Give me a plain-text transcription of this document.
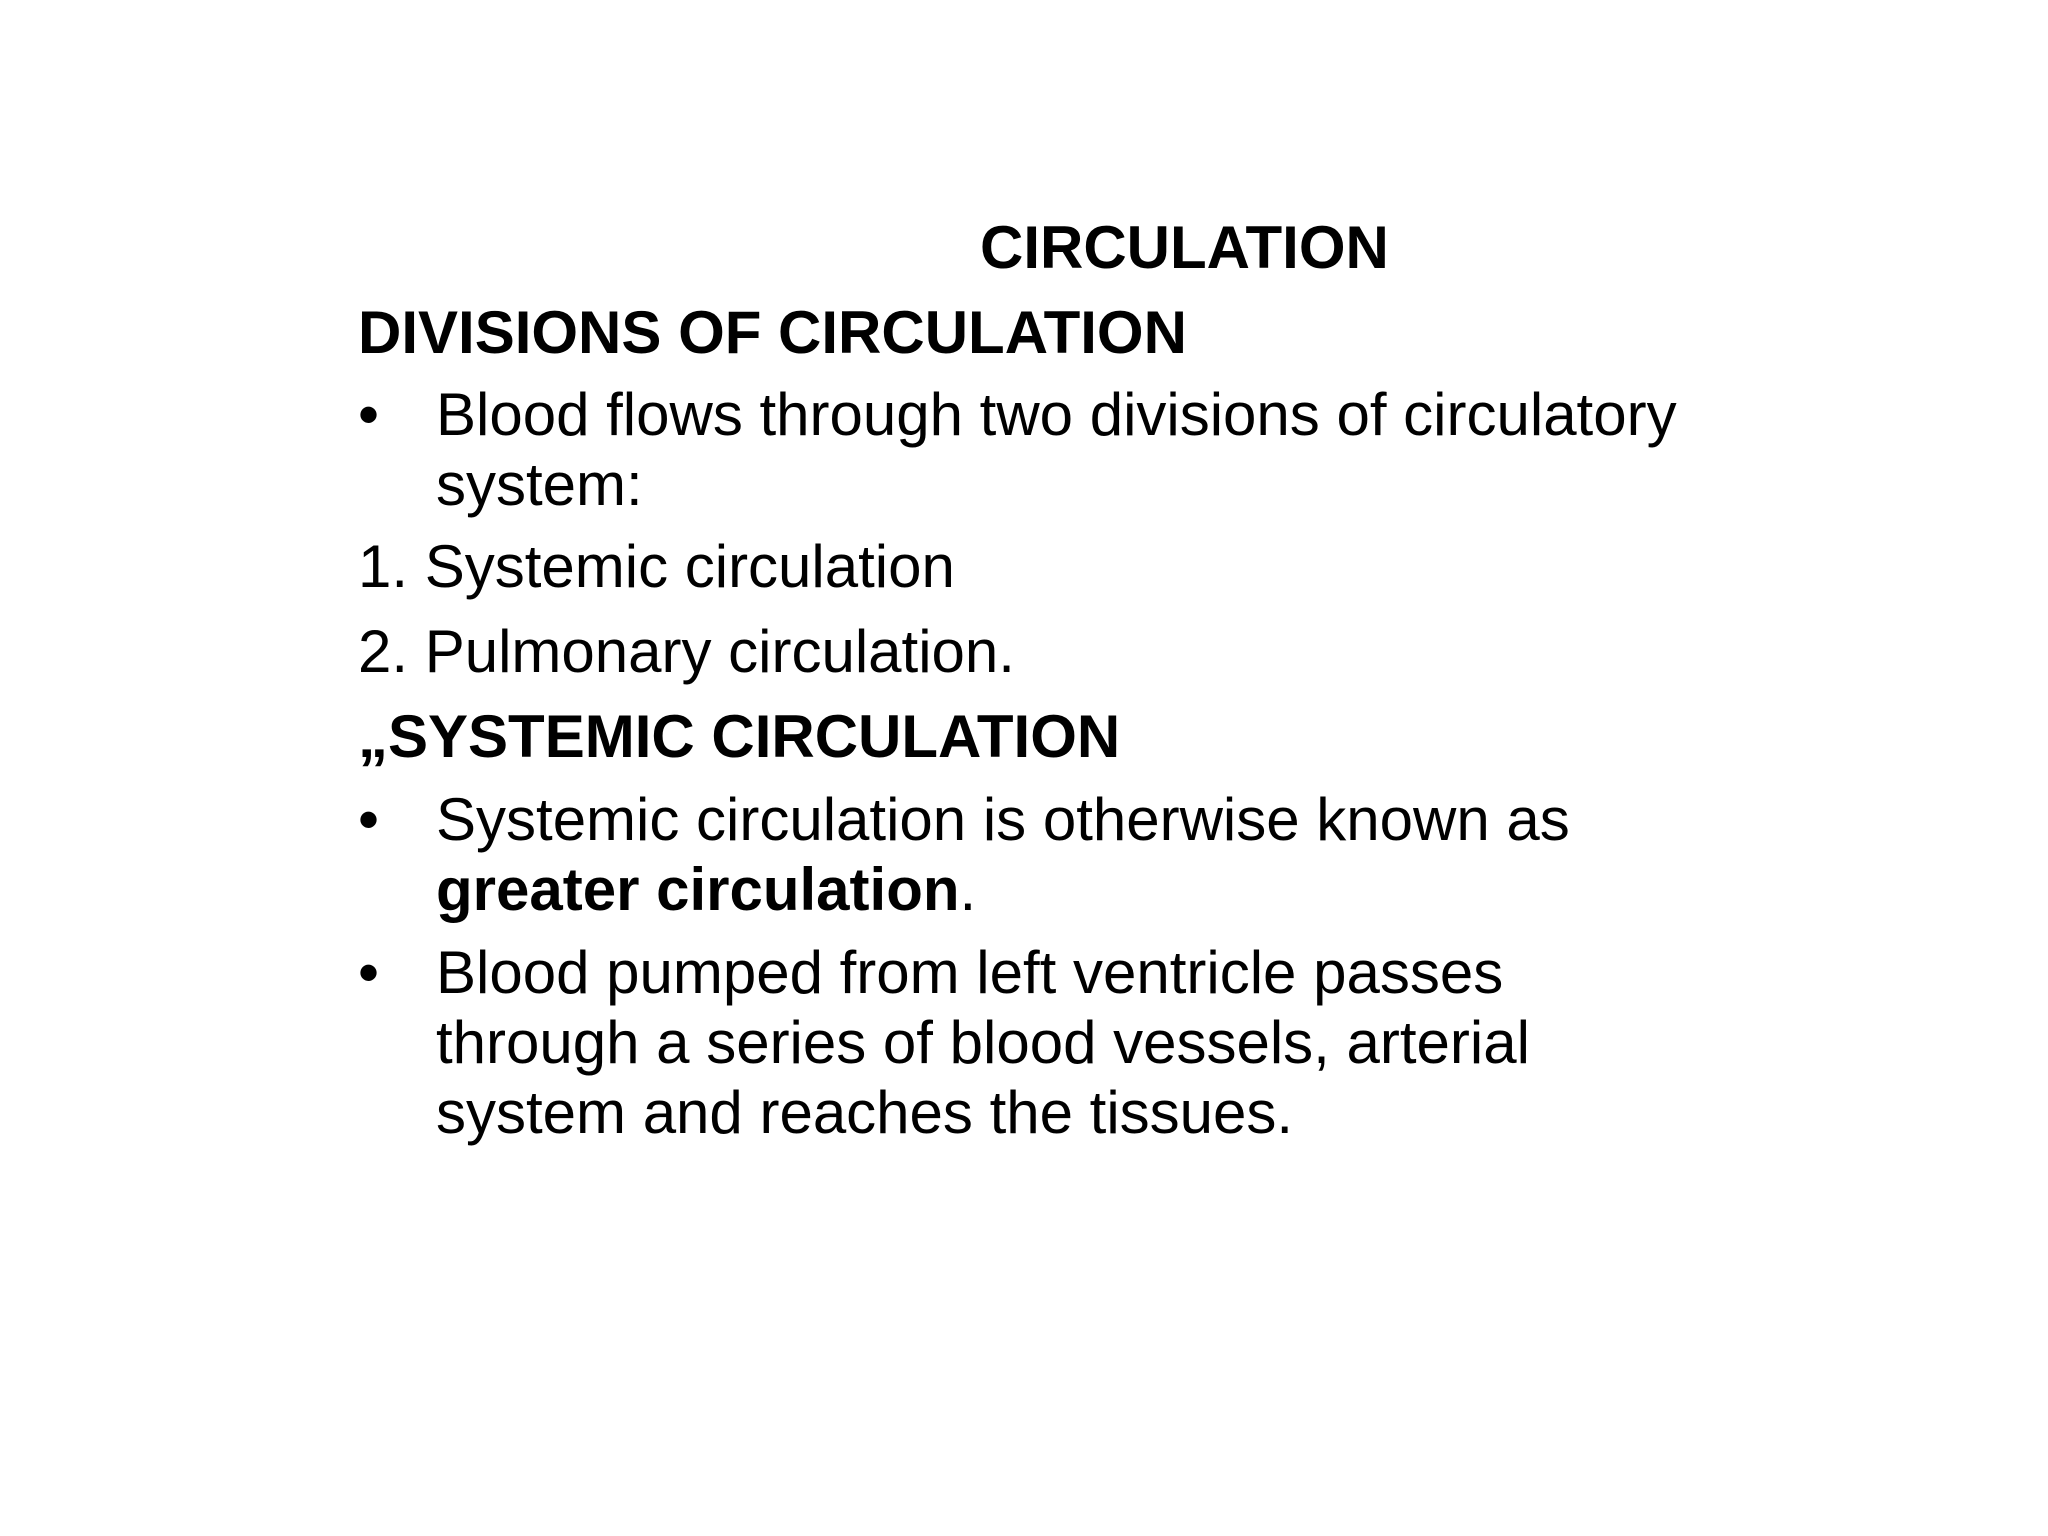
CIRCULATION
DIVISIONS OF CIRCULATION
• Blood flows through two divisions of circulatory system:
1. Systemic circulation
2. Pulmonary circulation.
„SYSTEMIC CIRCULATION
• Systemic circulation is otherwise known as greater circulation.
• Blood pumped from left ventricle passes through a series of blood vessels, arterial system and reaches the tissues.
